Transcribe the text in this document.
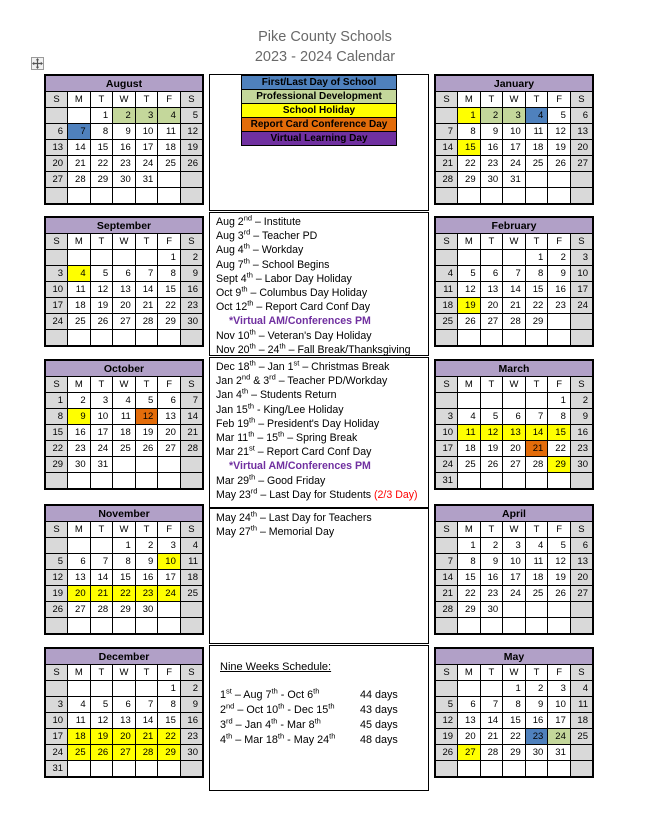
Pike County Schools
2023 - 2024 Calendar
First/Last Day of School
Professional Development
School Holiday
Report Card Conference Day
Virtual Learning Day
Aug 2nd – Institute
Aug 3rd – Teacher PD
Aug 4th – Workday
Aug 7th – School Begins
Sept 4th – Labor Day Holiday
Oct 9th – Columbus Day Holiday
Oct 12th – Report Card Conf Day
*Virtual AM/Conferences PM
Nov 10th – Veteran's Day Holiday
Nov 20th – 24th – Fall Break/Thanksgiving
Dec 18th – Jan 1st – Christmas Break
Jan 2nd & 3rd – Teacher PD/Workday
Jan 4th – Students Return
Jan 15th - King/Lee Holiday
Feb 19th – President's Day Holiday
Mar 11th – 15th – Spring Break
Mar 21st – Report Card Conf Day
*Virtual AM/Conferences PM
Mar 29th – Good Friday
May 23rd – Last Day for Students (2/3 Day)
May 24th – Last Day for Teachers
May 27th – Memorial Day
Nine Weeks Schedule:
1st – Aug 7th - Oct 6th	44 days
2nd – Oct 10th - Dec 15th 43 days
3rd – Jan 4th - Mar 8th	45 days
4th – Mar 18th - May 24th 48 days
August						
S	M	T	W	T	F	S
		1	2	3	4	5
6	7	8	9	10	11	12
13	14	15	16	17	18	19
20	21	22	23	24	25	26
27	28	29	30	31		

September						
S	M	T	W	T	F	S
					1	2
3	4	5	6	7	8	9
10	11	12	13	14	15	16
17	18	19	20	21	22	23
24	25	26	27	28	29	30

October						
S	M	T	W	T	F	S
1	2	3	4	5	6	7
8	9	10	11	12	13	14
15	16	17	18	19	20	21
22	23	24	25	26	27	28
29	30	31				

November						
S	M	T	W	T	F	S
			1	2	3	4
5	6	7	8	9	10	11
12	13	14	15	16	17	18
19	20	21	22	23	24	25
26	27	28	29	30		

December						
S	M	T	W	T	F	S
					1	2
3	4	5	6	7	8	9
10	11	12	13	14	15	16
17	18	19	20	21	22	23
24	25	26	27	28	29	30
31						
January						
S	M	T	W	T	F	S
	1	2	3	4	5	6
7	8	9	10	11	12	13
14	15	16	17	18	19	20
21	22	23	24	25	26	27
28	29	30	31			

February						
S	M	T	W	T	F	S
				1	2	3
4	5	6	7	8	9	10
11	12	13	14	15	16	17
18	19	20	21	22	23	24
25	26	27	28	29		

March						
S	M	T	W	T	F	S
					1	2
3	4	5	6	7	8	9
10	11	12	13	14	15	16
17	18	19	20	21	22	23
24	25	26	27	28	29	30
31						
April						
S	M	T	W	T	F	S
	1	2	3	4	5	6
7	8	9	10	11	12	13
14	15	16	17	18	19	20
21	22	23	24	25	26	27
28	29	30				

May						
S	M	T	W	T	F	S
			1	2	3	4
5	6	7	8	9	10	11
12	13	14	15	16	17	18
19	20	21	22	23	24	25
26	27	28	29	30	31	
